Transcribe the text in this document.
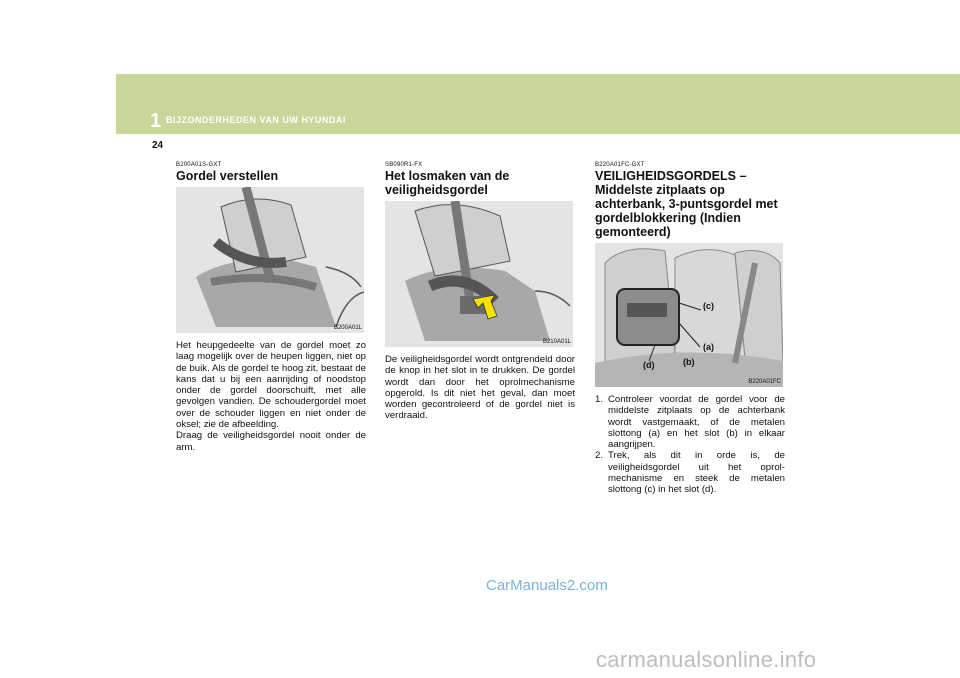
1 BIJZONDERHEDEN VAN UW HYUNDAI
24
B200A01S-GXT
Gordel verstellen
B200A01L

Het heupgedeelte van de gordel moet zo laag mogelijk over de heupen liggen, niet op de buik. Als de gordel te hoog zit, bestaat de kans dat u bij een aanrijding of noodstop onder de gordel doorschuift, met alle gevolgen vandien. De schoudergordel moet over de schouder liggen en niet onder de oksel; zie de afbeelding.

Draag de veiligheidsgordel nooit onder de arm.

SB090R1-FX
Het losmaken van de veiligheidsgordel
B210A01L

De veiligheidsgordel wordt ontgrendeld door de knop in het slot in te drukken. De gordel wordt dan door het oprolmechanisme opgerold. Is dit niet het geval, dan moet worden gecontroleerd of de gordel niet is verdraaid.

B220A01FC-GXT
VEILIGHEIDSGORDELS – Middelste zitplaats op achterbank, 3-puntsgordel met gordelblokkering (Indien gemonteerd)
(c)
(a)
(b)
(d)
B220A01FC
1. Controleer voordat de gordel voor de middelste zitplaats op de achterbank wordt vastgemaakt, of de metalen slottong (a) en het slot (b) in elkaar aangrijpen.
2. Trek, als dit in orde is, de veiligheidsgordel uit het oprol-mechanisme en steek de metalen slottong (c) in het slot (d).
CarManuals2.com
carmanualsonline.info
